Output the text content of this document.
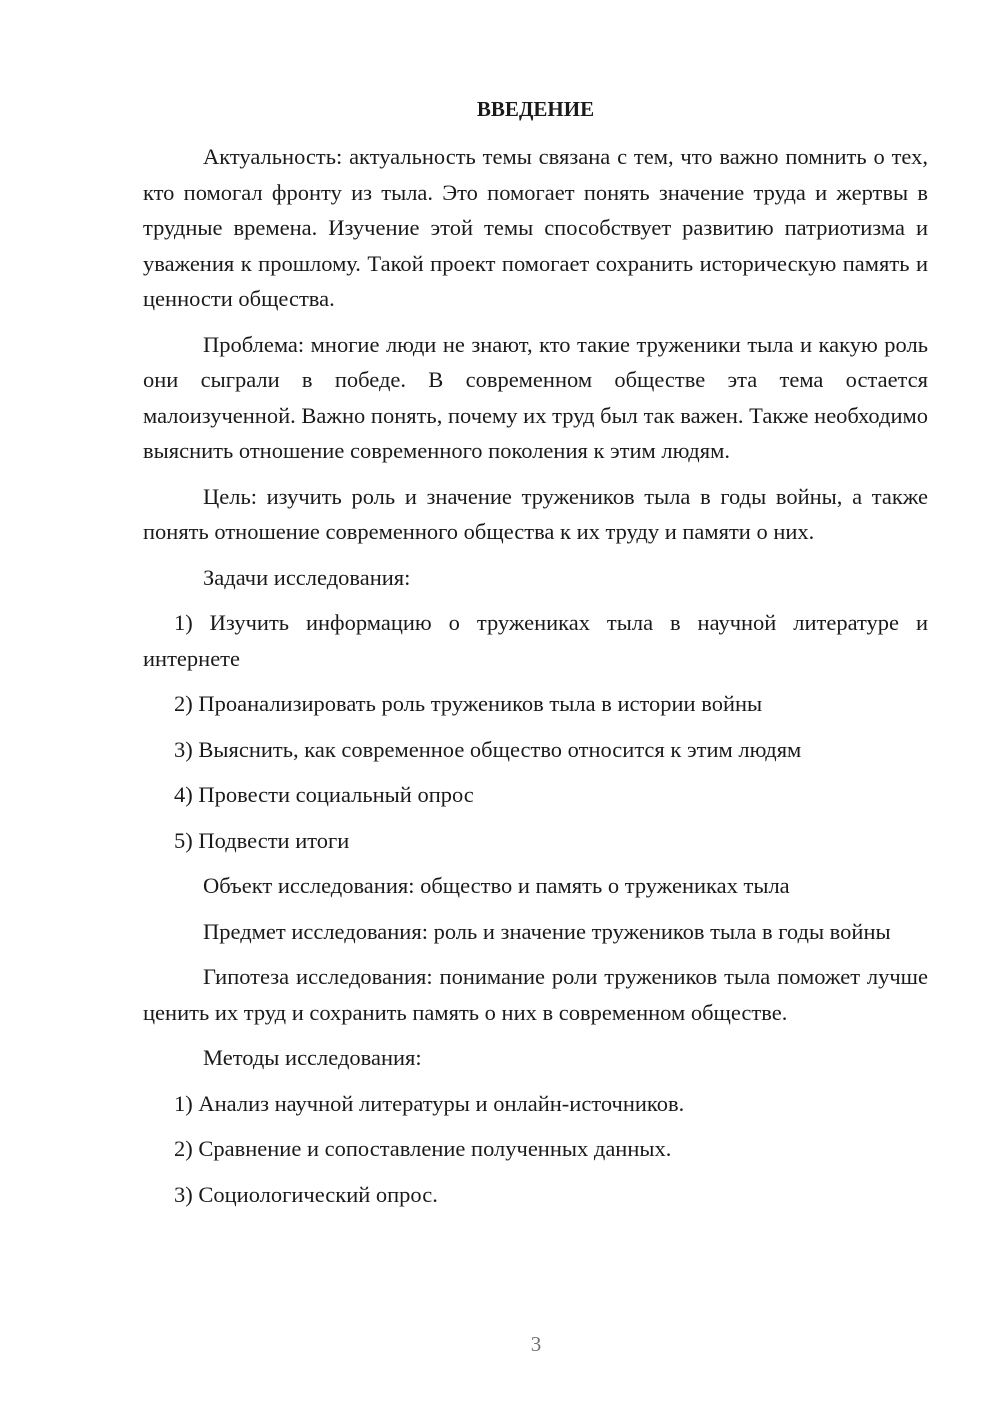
ВВЕДЕНИЕ

Актуальность: актуальность темы связана с тем, что важно помнить о тех, кто помогал фронту из тыла. Это помогает понять значение труда и жертвы в трудные времена. Изучение этой темы способствует развитию патриотизма и уважения к прошлому. Такой проект помогает сохранить историческую память и ценности общества.

Проблема: многие люди не знают, кто такие труженики тыла и какую роль они сыграли в победе. В современном обществе эта тема остается малоизученной. Важно понять, почему их труд был так важен. Также необходимо выяснить отношение современного поколения к этим людям.

Цель: изучить роль и значение тружеников тыла в годы войны, а также понять отношение современного общества к их труду и памяти о них.

Задачи исследования:

1) Изучить информацию о тружениках тыла в научной литературе и интернете

2) Проанализировать роль тружеников тыла в истории войны

3) Выяснить, как современное общество относится к этим людям

4) Провести социальный опрос

5) Подвести итоги

Объект исследования: общество и память о тружениках тыла

Предмет исследования: роль и значение тружеников тыла в годы войны

Гипотеза исследования: понимание роли тружеников тыла поможет лучше ценить их труд и сохранить память о них в современном обществе.

Методы исследования:

1) Анализ научной литературы и онлайн-источников.

2) Сравнение и сопоставление полученных данных.

3) Социологический опрос.

3
